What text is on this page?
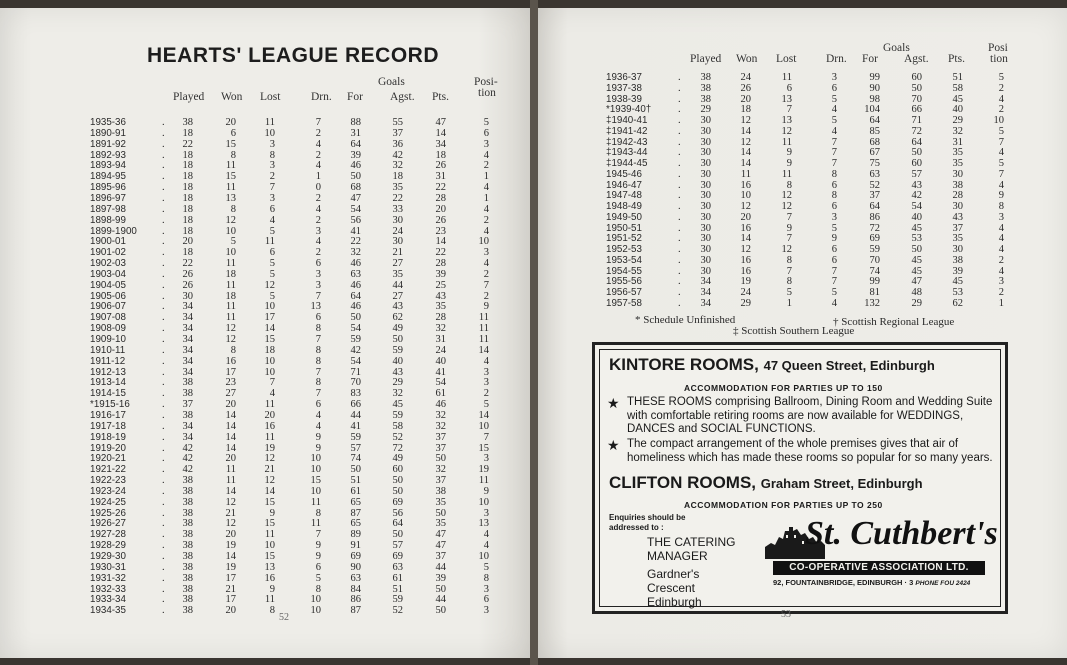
HEARTS' LEAGUE RECORD
Goals	Posi-
Played Won Lost	Drn. For Agst. Pts.	tion
.
1935-36	38	20	11	7	88	55	47	5
.
1890-91	18	6	10	2	31	37	14	6
.
1891-92	22	15	3	4	64	36	34	3
.
1892-93	18	8	8	2	39	42	18	4
.
1893-94	18	11	3	4	46	32	26	2
.
1894-95	18	15	2	1	50	18	31	1
.
1895-96	18	11	7	0	68	35	22	4
.
1896-97	18	13	3	2	47	22	28	1
.
1897-98	18	8	6	4	54	33	20	4
.
1898-99	18	12	4	2	56	30	26	2
.
1899-1900	18	10	5	3	41	24	23	4
.
1900-01	20	5	11	4	22	30	14	10
.
1901-02	18	10	6	2	32	21	22	3
.
1902-03	22	11	5	6	46	27	28	4
.
1903-04	26	18	5	3	63	35	39	2
.
1904-05	26	11	12	3	46	44	25	7
.
1905-06	30	18	5	7	64	27	43	2
.
1906-07	34	11	10	13	46	43	35	9
.
1907-08	34	11	17	6	50	62	28	11
.
1908-09	34	12	14	8	54	49	32	11
.
1909-10	34	12	15	7	59	50	31	11
.
1910-11	34	8	18	8	42	59	24	14
.
1911-12	34	16	10	8	54	40	40	4
.
1912-13	34	17	10	7	71	43	41	3
.
1913-14	38	23	7	8	70	29	54	3
.
1914-15	38	27	4	7	83	32	61	2
.
*1915-16	37	20	11	6	66	45	46	5
.
1916-17	38	14	20	4	44	59	32	14
.
1917-18	34	14	16	4	41	58	32	10
.
1918-19	34	14	11	9	59	52	37	7
.
1919-20	42	14	19	9	57	72	37	15
.
1920-21	42	20	12	10	74	49	50	3
.
1921-22	42	11	21	10	50	60	32	19
.
1922-23	38	11	12	15	51	50	37	11
.
1923-24	38	14	14	10	61	50	38	9
.
1924-25	38	12	15	11	65	69	35	10
.
1925-26	38	21	9	8	87	56	50	3
.
1926-27	38	12	15	11	65	64	35	13
.
1927-28	38	20	11	7	89	50	47	4
.
1928-29	38	19	10	9	91	57	47	4
.
1929-30	38	14	15	9	69	69	37	10
.
1930-31	38	19	13	6	90	63	44	5
.
1931-32	38	17	16	5	63	61	39	8
.
1932-33	38	21	9	8	84	51	50	3
.
1933-34	38	17	11	10	86	59	44	6
.
1934-35	38	20	8	10	87	52	50	3
52
Goals	Posi
Played Won Lost	Drn. For Agst. Pts. tion
.
1936-37	38	24	11	3	99	60	51	5
.
1937-38	38	26	6	6	90	50	58	2
.
1938-39	38	20	13	5	98	70	45	4
.
*1939-40†	29	18	7	4	104	66	40	2
.
‡1940-41	30	12	13	5	64	71	29	10
.
‡1941-42	30	14	12	4	85	72	32	5
.
‡1942-43	30	12	11	7	68	64	31	7
.
‡1943-44	30	14	9	7	67	50	35	4
.
‡1944-45	30	14	9	7	75	60	35	5
.
1945-46	30	11	11	8	63	57	30	7
.
1946-47	30	16	8	6	52	43	38	4
.
1947-48	30	10	12	8	37	42	28	9
.
1948-49	30	12	12	6	64	54	30	8
.
1949-50	30	20	7	3	86	40	43	3
.
1950-51	30	16	9	5	72	45	37	4
.
1951-52	30	14	7	9	69	53	35	4
.
1952-53	30	12	12	6	59	50	30	4
.
1953-54	30	16	8	6	70	45	38	2
.
1954-55	30	16	7	7	74	45	39	4
.
1955-56	34	19	8	7	99	47	45	3
.
1956-57	34	24	5	5	81	48	53	2
.
1957-58	34	29	1	4	132	29	62	1
* Schedule Unfinished	† Scottish Regional League
‡ Scottish Southern League
KINTORE ROOMS, 47 Queen Street, Edinburgh
ACCOMMODATION FOR PARTIES UP TO 150
★ THESE ROOMS comprising Ballroom, Dining Room and Wedding Suite with comfortable retiring rooms are now available for WEDDINGS, DANCES and SOCIAL FUNCTIONS.
★ The compact arrangement of the whole premises gives that air of homeliness which has made these rooms so popular for so many years.
CLIFTON ROOMS, Graham Street, Edinburgh
ACCOMMODATION FOR PARTIES UP TO 250
Enquiries should be addressed to :
THE CATERING
MANAGER
Gardner's
Crescent
Edinburgh
St. Cuthbert's
CO-OPERATIVE ASSOCIATION LTD.
92, FOUNTAINBRIDGE, EDINBURGH · 3 PHONE FOU 2424
53
